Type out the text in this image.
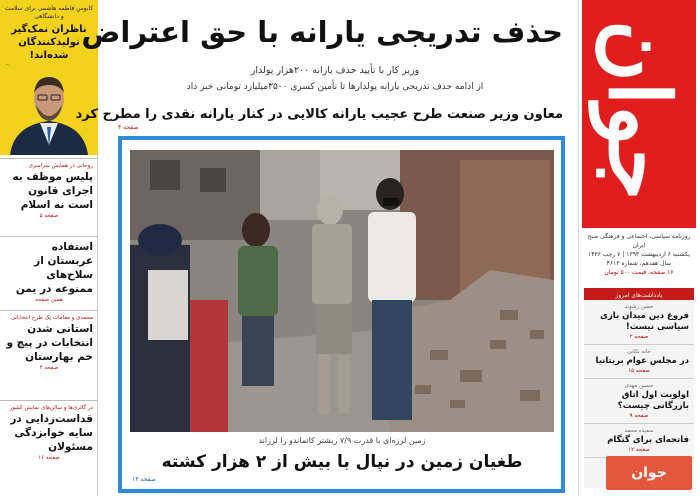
جوان
روزنامه سیاسی، اجتماعی و فرهنگی صبح ایران
یکشنبه ۶ اردیبهشت ۱۳۹۴ | ۷ رجب ۱۴۳۶
سال هفدهم، شماره ۴۶۱۳
۱۶ صفحه، قیمت ۵۰۰ تومان
یادداشت‌های امروز
حسن رشوند
فروغ دین میدان بازی سیاسی نیست!
صفحه ۲
خانه تکانی
در مجلس عوام بریتانیا
صفحه ۱۵
حسین مهدی
اولویت اول اتاق بازرگانی چیست؟
صفحه ۹
سعیده محمد
فاتحه‌ای برای گنگام
صفحه ۱۲
کابوس فاطمه هاشمی برای سلامت و دانشگاهی
ناظران نمک‌گیر تولیدکنندگان شده‌اند!
روحانی در همایش سراسری
پلیس موظف به اجرای قانون است نه اسلام
صفحه ۵
استفاده عربستان از سلاح‌های ممنوعه در یمن
همین صفحه
محمدی و مقامات یک طرح انتخاباتی
استانی شدن انتخابات در پیچ و خم بهارستان
صفحه ۴
در گالری‌ها و سالن‌های نمایش کشور
قداست‌زدایی در سایه خوابزدگی مسئولان
صفحه ۱۶
حذف تدریجی یارانه با حق اعتراض
وزیر کار با تأیید حذف یارانه ۲۰۰هزار پولدار
از ادامه حذف تدریجی یارانه پولدارها تا تأمین کسری ۳۵۰۰میلیارد تومانی خبر داد
معاون وزیر صنعت طرح عجیب یارانه کالایی در کنار یارانه نقدی را مطرح کرد
صفحه ۴
زمین لرزه‌ای با قدرت ۷/۹ ریشتر کاتماندو را لرزاند
طغیان زمین در نپال با بیش از ۲ هزار کشته
صفحه ۱۴	جوان
